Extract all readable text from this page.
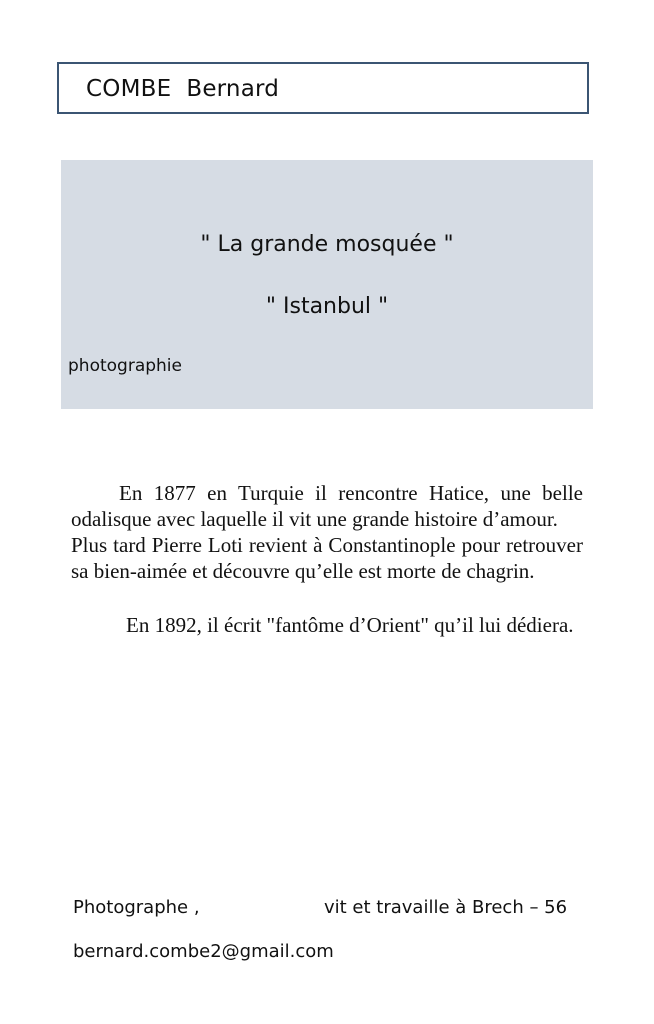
COMBE  Bernard
" La grande mosquée "
" Istanbul "
photographie

En 1877 en Turquie il rencontre Hatice, une belle odalisque avec laquelle il vit une grande histoire d’amour.

Plus tard Pierre Loti revient à Constantinople pour retrouver sa bien-aimée et découvre qu’elle est morte de chagrin.

En 1892, il écrit "fantôme d’Orient" qu’il lui dédiera.

Photographe ,	vit et travaille à Brech – 56
bernard.combe2@gmail.com
